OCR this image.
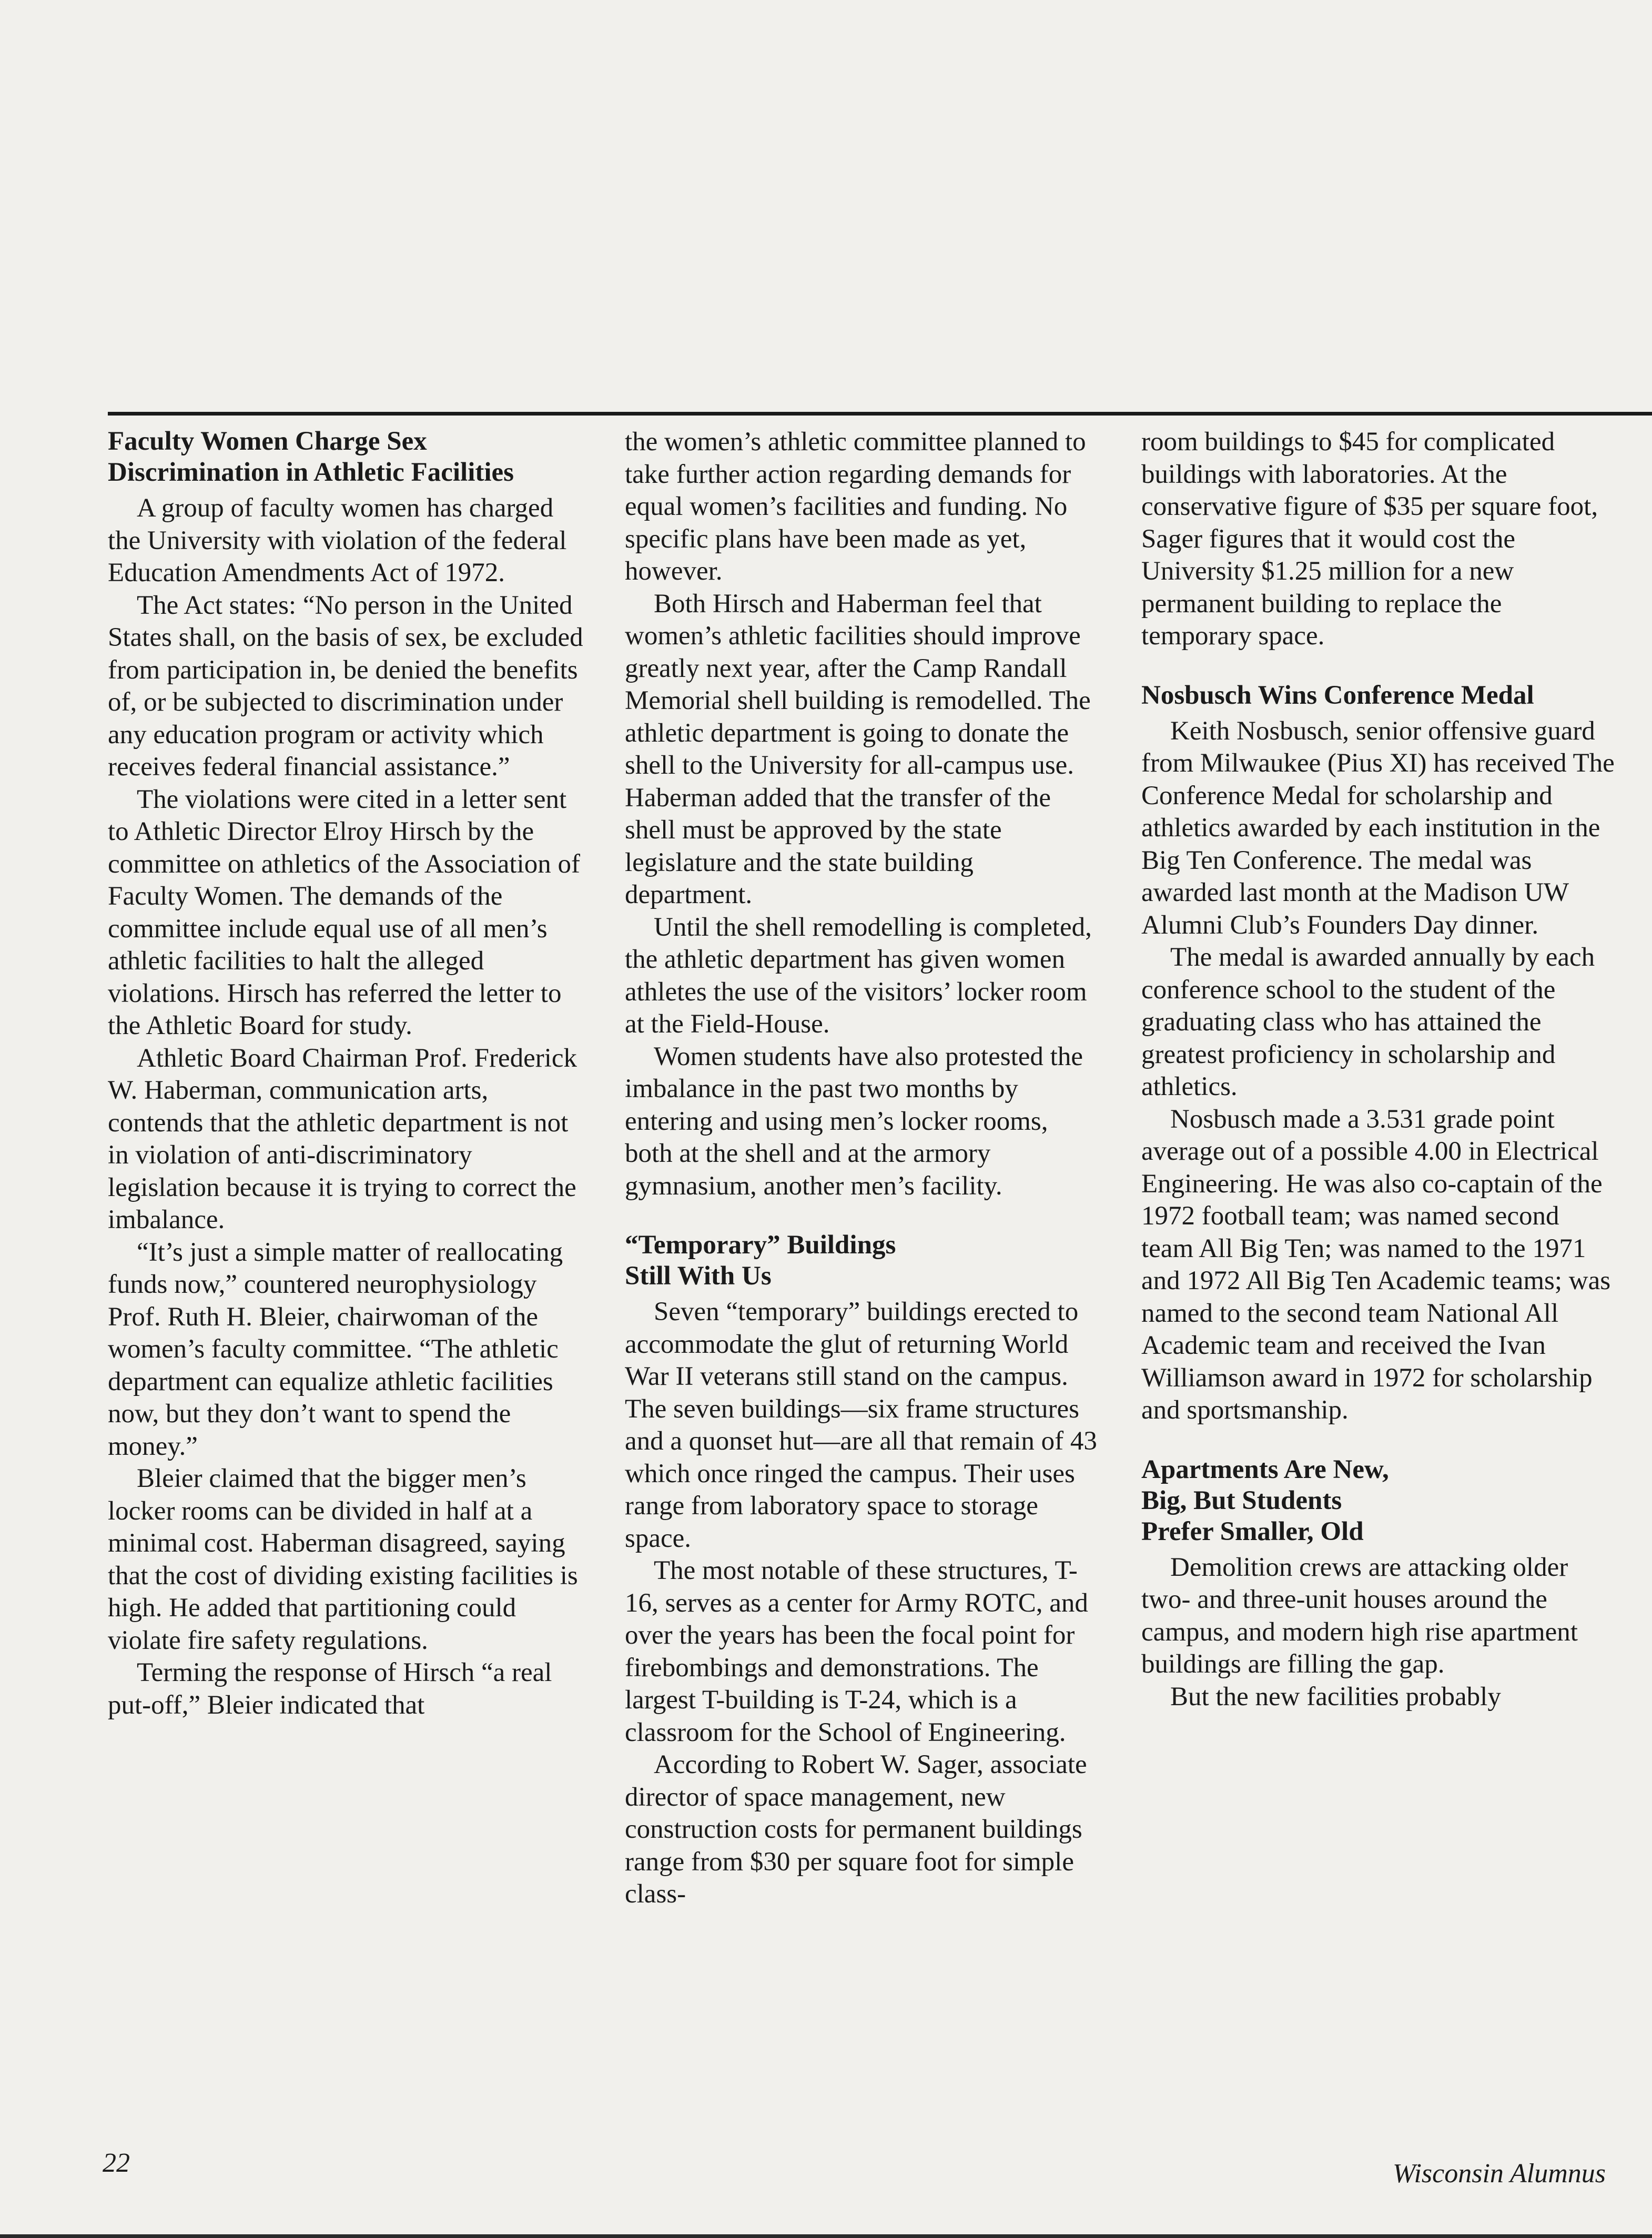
Faculty Women Charge Sex
Discrimination in Athletic Facilities

A group of faculty women has charged the University with violation of the federal Education Amendments Act of 1972.

The Act states: “No person in the United States shall, on the basis of sex, be excluded from participation in, be denied the benefits of, or be subjected to discrimination under any education program or activity which receives federal financial assistance.”

The violations were cited in a letter sent to Athletic Director Elroy Hirsch by the committee on athletics of the Association of Faculty Women. The demands of the committee include equal use of all men’s athletic facilities to halt the alleged violations. Hirsch has referred the letter to the Athletic Board for study.

Athletic Board Chairman Prof. Frederick W. Haberman, communication arts, contends that the athletic department is not in violation of anti-discriminatory legislation because it is trying to correct the imbalance.

“It’s just a simple matter of reallocating funds now,” countered neurophysiology Prof. Ruth H. Bleier, chairwoman of the women’s faculty committee. “The athletic department can equalize athletic facilities now, but they don’t want to spend the money.”

Bleier claimed that the bigger men’s locker rooms can be divided in half at a minimal cost. Haberman disagreed, saying that the cost of dividing existing facilities is high. He added that partitioning could violate fire safety regulations.

Terming the response of Hirsch “a real put-off,” Bleier indicated that

the women’s athletic committee planned to take further action regarding demands for equal women’s facilities and funding. No specific plans have been made as yet, however.

Both Hirsch and Haberman feel that women’s athletic facilities should improve greatly next year, after the Camp Randall Memorial shell building is remodelled. The athletic department is going to donate the shell to the University for all-campus use. Haberman added that the transfer of the shell must be approved by the state legislature and the state building department.

Until the shell remodelling is completed, the athletic department has given women athletes the use of the visitors’ locker room at the Field-House.

Women students have also protested the imbalance in the past two months by entering and using men’s locker rooms, both at the shell and at the armory gymnasium, another men’s facility.

“Temporary” Buildings
Still With Us

Seven “temporary” buildings erected to accommodate the glut of returning World War II veterans still stand on the campus. The seven buildings—six frame structures and a quonset hut—are all that remain of 43 which once ringed the campus. Their uses range from laboratory space to storage space.

The most notable of these structures, T-16, serves as a center for Army ROTC, and over the years has been the focal point for firebombings and demonstrations. The largest T-building is T-24, which is a classroom for the School of Engineering.

According to Robert W. Sager, associate director of space management, new construction costs for permanent buildings range from $30 per square foot for simple class-

room buildings to $45 for complicated buildings with laboratories. At the conservative figure of $35 per square foot, Sager figures that it would cost the University $1.25 million for a new permanent building to replace the temporary space.

Nosbusch Wins Conference Medal

Keith Nosbusch, senior offensive guard from Milwaukee (Pius XI) has received The Conference Medal for scholarship and athletics awarded by each institution in the Big Ten Conference. The medal was awarded last month at the Madison UW Alumni Club’s Founders Day dinner.

The medal is awarded annually by each conference school to the student of the graduating class who has attained the greatest proficiency in scholarship and athletics.

Nosbusch made a 3.531 grade point average out of a possible 4.00 in Electrical Engineering. He was also co-captain of the 1972 football team; was named second team All Big Ten; was named to the 1971 and 1972 All Big Ten Academic teams; was named to the second team National All Academic team and received the Ivan Williamson award in 1972 for scholarship and sportsmanship.

Apartments Are New,
Big, But Students
Prefer Smaller, Old

Demolition crews are attacking older two- and three-unit houses around the campus, and modern high rise apartment buildings are filling the gap.

But the new facilities probably

22	Wisconsin Alumnus
